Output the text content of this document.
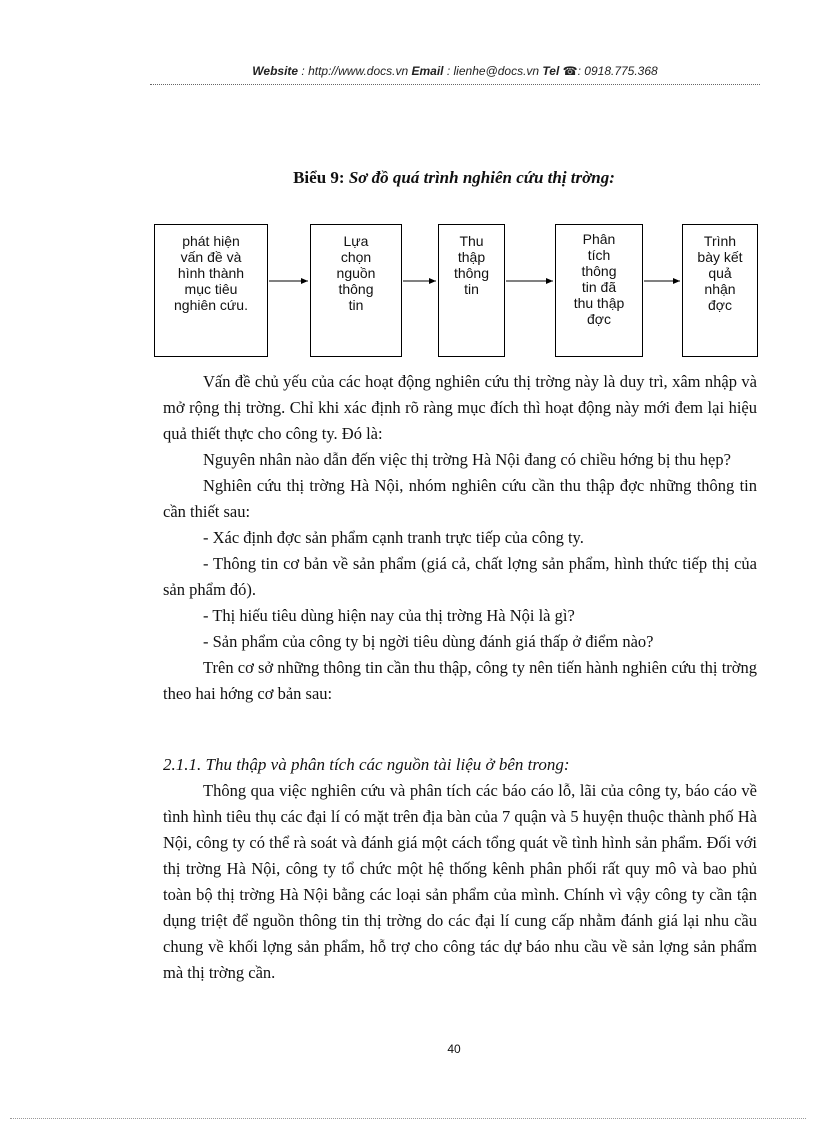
Website : http://www.docs.vn Email : lienhe@docs.vn Tel ☎: 0918.775.368
Biểu 9: Sơ đồ quá trình nghiên cứu thị trờng:
phát hiện
vấn đề và
hình thành
mục tiêu
nghiên cứu.
Lựa
chọn
nguồn
thông
tin
Thu
thập
thông
tin
Phân
tích
thông
tin đã
thu thập
đợc
Trình
bày kết
quả
nhận
đợc

Vấn đề chủ yếu của các hoạt động nghiên cứu thị trờng này là duy trì, xâm nhập và mở rộng thị trờng. Chỉ khi xác định rõ ràng mục đích thì hoạt động này mới đem lại hiệu quả thiết thực cho công ty. Đó là:

Nguyên nhân nào dẫn đến việc thị trờng Hà Nội đang có chiều hớng bị thu hẹp?

Nghiên cứu thị trờng Hà Nội, nhóm nghiên cứu cần thu thập đợc những thông tin cần thiết sau:

- Xác định đợc sản phẩm cạnh tranh trực tiếp của công ty.

- Thông tin cơ bản về sản phẩm (giá cả, chất lợng sản phẩm, hình thức tiếp thị của sản phẩm đó).

- Thị hiếu tiêu dùng hiện nay của thị trờng Hà Nội là gì?

- Sản phẩm của công ty bị ngời tiêu dùng đánh giá thấp ở điểm nào?

Trên cơ sở những thông tin cần thu thập, công ty nên tiến hành nghiên cứu thị trờng theo hai hớng cơ bản sau:

2.1.1. Thu thập và phân tích các nguồn tài liệu ở bên trong:

Thông qua việc nghiên cứu và phân tích các báo cáo lỗ, lãi của công ty, báo cáo về tình hình tiêu thụ các đại lí có mặt trên địa bàn của 7 quận và 5 huyện thuộc thành phố Hà Nội, công ty có thể rà soát và đánh giá một cách tổng quát về tình hình sản phẩm. Đối với thị trờng Hà Nội, công ty tổ chức một hệ thống kênh phân phối rất quy mô và bao phủ toàn bộ thị trờng Hà Nội bằng các loại sản phẩm của mình. Chính vì vậy công ty cần tận dụng triệt để nguồn thông tin thị trờng do các đại lí cung cấp nhằm đánh giá lại nhu cầu chung về khối lợng sản phẩm, hỗ trợ cho công tác dự báo nhu cầu về sản lợng sản phẩm mà thị trờng cần.

40
